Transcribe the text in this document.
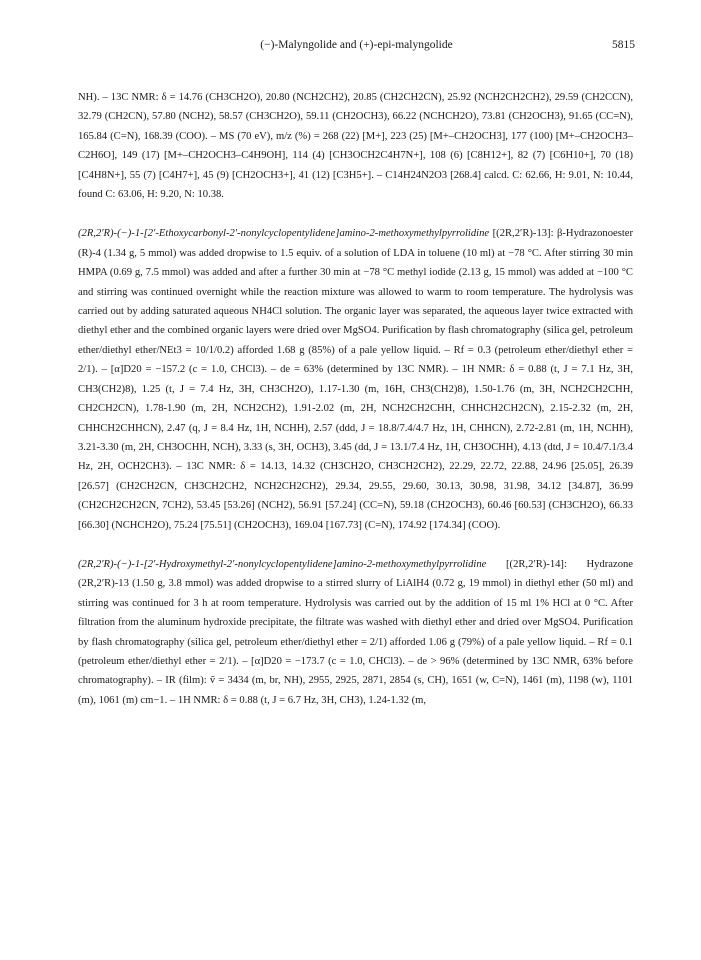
(−)-Malyngolide and (+)-epi-malyngolide	5815

NH). – 13C NMR: δ = 14.76 (CH3CH2O), 20.80 (NCH2CH2), 20.85 (CH2CH2CN), 25.92 (NCH2CH2CH2), 29.59 (CH2CCN), 32.79 (CH2CN), 57.80 (NCH2), 58.57 (CH3CH2O), 59.11 (CH2OCH3), 66.22 (NCHCH2O), 73.81 (CH2OCH3), 91.65 (CC=N), 165.84 (C=N), 168.39 (COO). – MS (70 eV), m/z (%) = 268 (22) [M+], 223 (25) [M+–CH2OCH3], 177 (100) [M+–CH2OCH3–C2H6O], 149 (17) [M+–CH2OCH3–C4H9OH], 114 (4) [CH3OCH2C4H7N+], 108 (6) [C8H12+], 82 (7) [C6H10+], 70 (18) [C4H8N+], 55 (7) [C4H7+], 45 (9) [CH2OCH3+], 41 (12) [C3H5+]. – C14H24N2O3 [268.4] calcd. C: 62.66, H: 9.01, N: 10.44, found C: 63.06, H: 9.20, N: 10.38.

(2R,2′R)-(−)-1-[2′-Ethoxycarbonyl-2′-nonylcyclopentylidene]amino-2-methoxymethylpyrrolidine [(2R,2′R)-13]: β-Hydrazonoester (R)-4 (1.34 g, 5 mmol) was added dropwise to 1.5 equiv. of a solution of LDA in toluene (10 ml) at −78 °C. After stirring 30 min HMPA (0.69 g, 7.5 mmol) was added and after a further 30 min at −78 °C methyl iodide (2.13 g, 15 mmol) was added at −100 °C and stirring was continued overnight while the reaction mixture was allowed to warm to room temperature. The hydrolysis was carried out by adding saturated aqueous NH4Cl solution. The organic layer was separated, the aqueous layer twice extracted with diethyl ether and the combined organic layers were dried over MgSO4. Purification by flash chromatography (silica gel, petroleum ether/diethyl ether/NEt3 = 10/1/0.2) afforded 1.68 g (85%) of a pale yellow liquid. – Rf = 0.3 (petroleum ether/diethyl ether = 2/1). – [α]D20 = −157.2 (c = 1.0, CHCl3). – de = 63% (determined by 13C NMR). – 1H NMR: δ = 0.88 (t, J = 7.1 Hz, 3H, CH3(CH2)8), 1.25 (t, J = 7.4 Hz, 3H, CH3CH2O), 1.17-1.30 (m, 16H, CH3(CH2)8), 1.50-1.76 (m, 3H, NCH2CH2CHH, CH2CH2CN), 1.78-1.90 (m, 2H, NCH2CH2), 1.91-2.02 (m, 2H, NCH2CH2CHH, CHHCH2CH2CN), 2.15-2.32 (m, 2H, CHHCH2CHHCN), 2.47 (q, J = 8.4 Hz, 1H, NCHH), 2.57 (ddd, J = 18.8/7.4/4.7 Hz, 1H, CHHCN), 2.72-2.81 (m, 1H, NCHH), 3.21-3.30 (m, 2H, CH3OCHH, NCH), 3.33 (s, 3H, OCH3), 3.45 (dd, J = 13.1/7.4 Hz, 1H, CH3OCHH), 4.13 (dtd, J = 10.4/7.1/3.4 Hz, 2H, OCH2CH3). – 13C NMR: δ = 14.13, 14.32 (CH3CH2O, CH3CH2CH2), 22.29, 22.72, 22.88, 24.96 [25.05], 26.39 [26.57] (CH2CH2CN, CH3CH2CH2, NCH2CH2CH2), 29.34, 29.55, 29.60, 30.13, 30.98, 31.98, 34.12 [34.87], 36.99 (CH2CH2CH2CN, 7CH2), 53.45 [53.26] (NCH2), 56.91 [57.24] (CC=N), 59.18 (CH2OCH3), 60.46 [60.53] (CH3CH2O), 66.33 [66.30] (NCHCH2O), 75.24 [75.51] (CH2OCH3), 169.04 [167.73] (C=N), 174.92 [174.34] (COO).

(2R,2′R)-(−)-1-[2′-Hydroxymethyl-2′-nonylcyclopentylidene]amino-2-methoxymethylpyrrolidine [(2R,2′R)-14]: Hydrazone (2R,2′R)-13 (1.50 g, 3.8 mmol) was added dropwise to a stirred slurry of LiAlH4 (0.72 g, 19 mmol) in diethyl ether (50 ml) and stirring was continued for 3 h at room temperature. Hydrolysis was carried out by the addition of 15 ml 1% HCl at 0 °C. After filtration from the aluminum hydroxide precipitate, the filtrate was washed with diethyl ether and dried over MgSO4. Purification by flash chromatography (silica gel, petroleum ether/diethyl ether = 2/1) afforded 1.06 g (79%) of a pale yellow liquid. – Rf = 0.1 (petroleum ether/diethyl ether = 2/1). – [α]D20 = −173.7 (c = 1.0, CHCl3). – de > 96% (determined by 13C NMR, 63% before chromatography). – IR (film): ṽ = 3434 (m, br, NH), 2955, 2925, 2871, 2854 (s, CH), 1651 (w, C=N), 1461 (m), 1198 (w), 1101 (m), 1061 (m) cm−1. – 1H NMR: δ = 0.88 (t, J = 6.7 Hz, 3H, CH3), 1.24-1.32 (m,
